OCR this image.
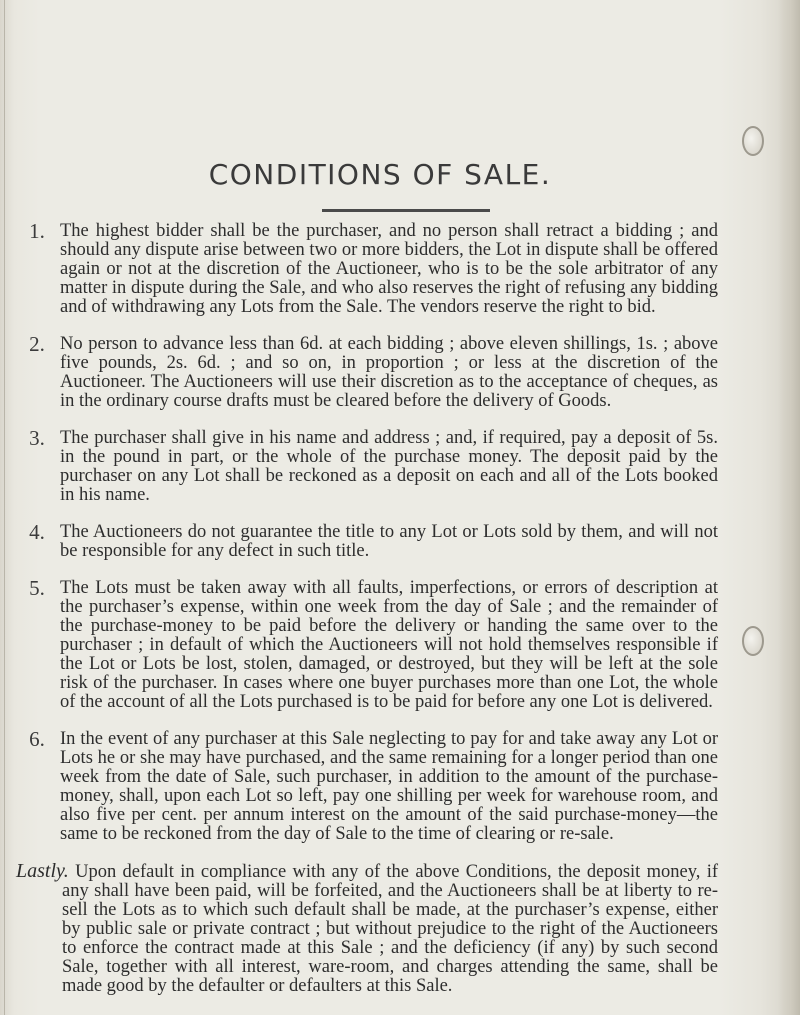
CONDITIONS OF SALE.
1. The highest bidder shall be the purchaser, and no person shall retract a bidding ; and should any dispute arise between two or more bidders, the Lot in dispute shall be offered again or not at the discretion of the Auctioneer, who is to be the sole arbitrator of any matter in dispute during the Sale, and who also reserves the right of refusing any bidding and of withdrawing any Lots from the Sale. The vendors reserve the right to bid.
2. No person to advance less than 6d. at each bidding ; above eleven shillings, 1s. ; above five pounds, 2s. 6d. ; and so on, in proportion ; or less at the discretion of the Auctioneer. The Auctioneers will use their discretion as to the acceptance of cheques, as in the ordinary course drafts must be cleared before the delivery of Goods.
3. The purchaser shall give in his name and address ; and, if required, pay a deposit of 5s. in the pound in part, or the whole of the purchase money. The deposit paid by the purchaser on any Lot shall be reckoned as a deposit on each and all of the Lots booked in his name.
4. The Auctioneers do not guarantee the title to any Lot or Lots sold by them, and will not be responsible for any defect in such title.
5. The Lots must be taken away with all faults, imperfections, or errors of description at the purchaser’s expense, within one week from the day of Sale ; and the remainder of the purchase-money to be paid before the delivery or handing the same over to the purchaser ; in default of which the Auctioneers will not hold themselves responsible if the Lot or Lots be lost, stolen, damaged, or destroyed, but they will be left at the sole risk of the purchaser. In cases where one buyer purchases more than one Lot, the whole of the account of all the Lots purchased is to be paid for before any one Lot is delivered.
6. In the event of any purchaser at this Sale neglecting to pay for and take away any Lot or Lots he or she may have purchased, and the same remaining for a longer period than one week from the date of Sale, such purchaser, in addition to the amount of the purchase-money, shall, upon each Lot so left, pay one shilling per week for warehouse room, and also five per cent. per annum interest on the amount of the said purchase-money—the same to be reckoned from the day of Sale to the time of clearing or re-sale.
Lastly. Upon default in compliance with any of the above Conditions, the deposit money, if any shall have been paid, will be forfeited, and the Auctioneers shall be at liberty to re-sell the Lots as to which such default shall be made, at the purchaser’s expense, either by public sale or private contract ; but without prejudice to the right of the Auctioneers to enforce the contract made at this Sale ; and the deficiency (if any) by such second Sale, together with all interest, ware-room, and charges attending the same, shall be made good by the defaulter or defaulters at this Sale.
